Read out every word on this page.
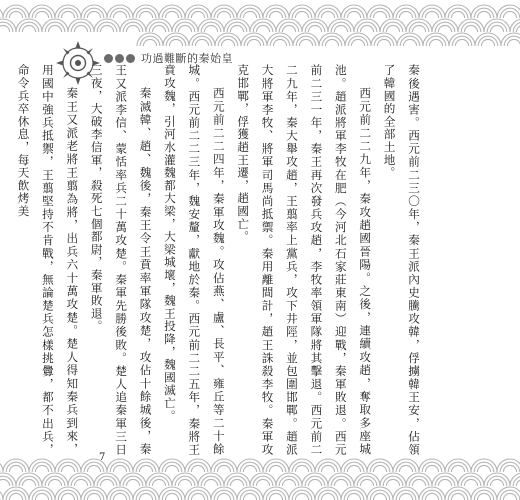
功過難斷的秦始皇

秦後遇害。西元前二三〇年，秦王派內史騰攻韓，俘擄韓王安，佔領了韓國的全部土地。

西元前二二九年，秦攻趙國晉陽。之後，連續攻趙，奪取多座城池。趙派將軍李牧在肥（今河北石家莊東南）迎戰，秦軍敗退。西元前二三一年，秦王再次發兵攻趙，李牧率領軍隊將其擊退。西元前二二九年，秦大舉攻趙，王翦率上黨兵，攻下井陘，並包圍邯鄲。趙派大將軍李牧、將軍司馬尚抵禦。秦用離間計，趙王誅殺李牧。秦軍攻克邯鄲，俘獲趙王遷，趙國亡。

西元前二二四年，秦軍攻魏。攻佔燕、盧、長平、雍丘等二十餘城。西元前二二三年，魏安釐，獻地於秦。西元前二二五年，秦將王賁攻魏，引河水灌魏都大梁，大梁城壞，魏王投降，魏國滅亡。

秦滅韓、趙、魏後，秦王令王賁率軍隊攻楚，攻佔十餘城後，秦王又派李信、蒙恬率兵二十萬攻楚。秦軍先勝後敗。楚人追秦軍三日三夜，大破李信軍，殺死七個都尉，秦軍敗退。

秦王又派老將王翦為將，出兵六十萬攻楚。楚人得知秦兵到來，用國中強兵抵禦，王翦堅持不肯戰，無論楚兵怎樣挑釁，都不出兵，命令兵卒休息，每天飲烤美

7
